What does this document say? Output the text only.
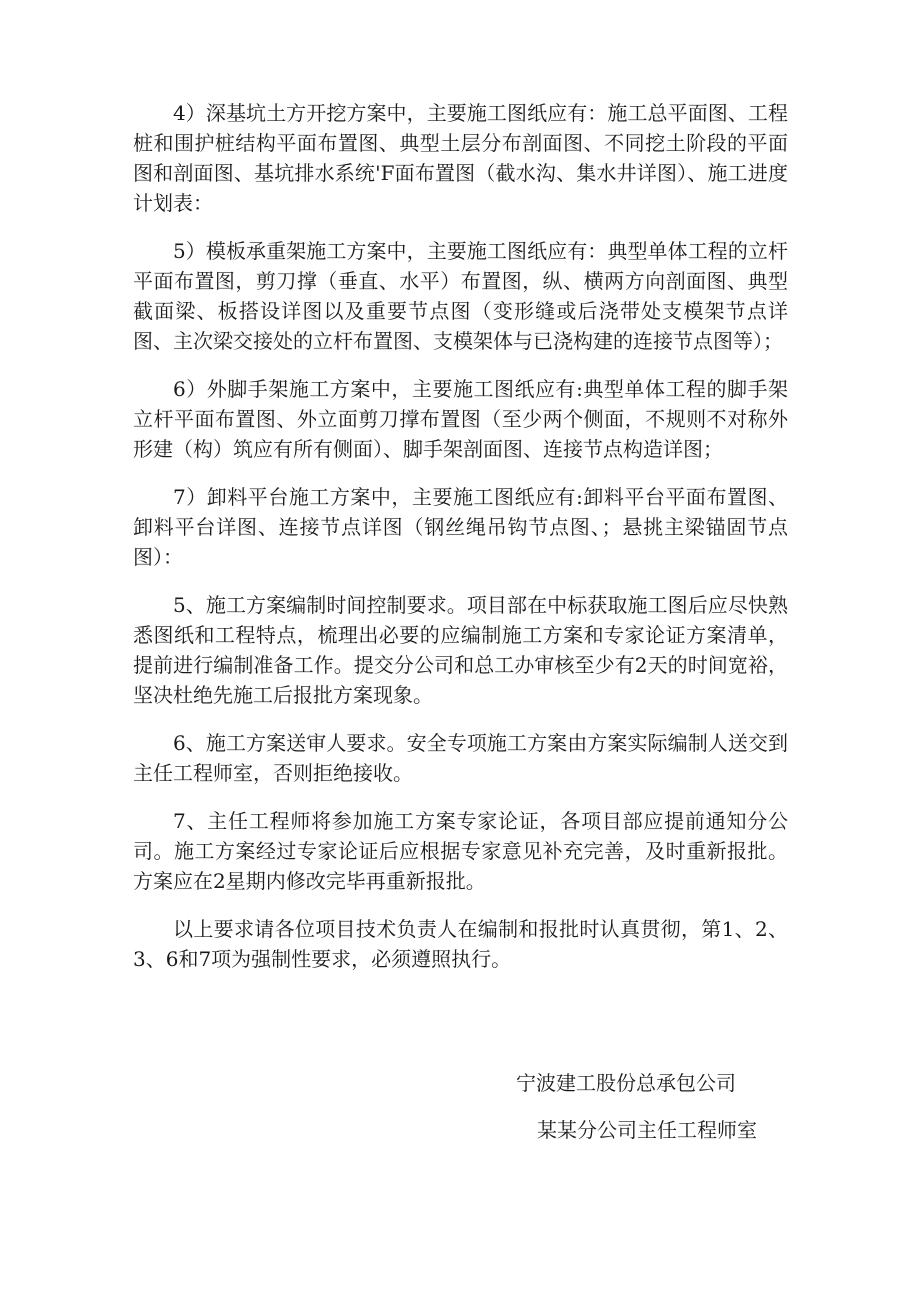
4）深基坑土方开挖方案中，主要施工图纸应有：施工总平面图、工程桩和围护桩结构平面布置图、典型土层分布剖面图、不同挖土阶段的平面图和剖面图、基坑排水系统'F面布置图（截水沟、集水井详图）、施工进度计划表：

5）模板承重架施工方案中，主要施工图纸应有：典型单体工程的立杆平面布置图，剪刀撑（垂直、水平）布置图，纵、横两方向剖面图、典型截面梁、板搭设详图以及重要节点图（变形缝或后浇带处支模架节点详图、主次梁交接处的立杆布置图、支模架体与已浇构建的连接节点图等）；

6）外脚手架施工方案中，主要施工图纸应有:典型单体工程的脚手架立杆平面布置图、外立面剪刀撑布置图（至少两个侧面，不规则不对称外形建（构）筑应有所有侧面）、脚手架剖面图、连接节点构造详图；

7）卸料平台施工方案中，主要施工图纸应有:卸料平台平面布置图、卸料平台详图、连接节点详图（钢丝绳吊钩节点图、；悬挑主梁锚固节点图）：

5、施工方案编制时间控制要求。项目部在中标获取施工图后应尽快熟悉图纸和工程特点，梳理出必要的应编制施工方案和专家论证方案清单，提前进行编制准备工作。提交分公司和总工办审核至少有2天的时间宽裕，坚决杜绝先施工后报批方案现象。

6、施工方案送审人要求。安全专项施工方案由方案实际编制人送交到主任工程师室，否则拒绝接收。

7、主任工程师将参加施工方案专家论证，各项目部应提前通知分公司。施工方案经过专家论证后应根据专家意见补充完善，及时重新报批。方案应在2星期内修改完毕再重新报批。

以上要求请各位项目技术负责人在编制和报批时认真贯彻，第1、2、3、6和7项为强制性要求，必须遵照执行。

宁波建工股份总承包公司
某某分公司主任工程师室
